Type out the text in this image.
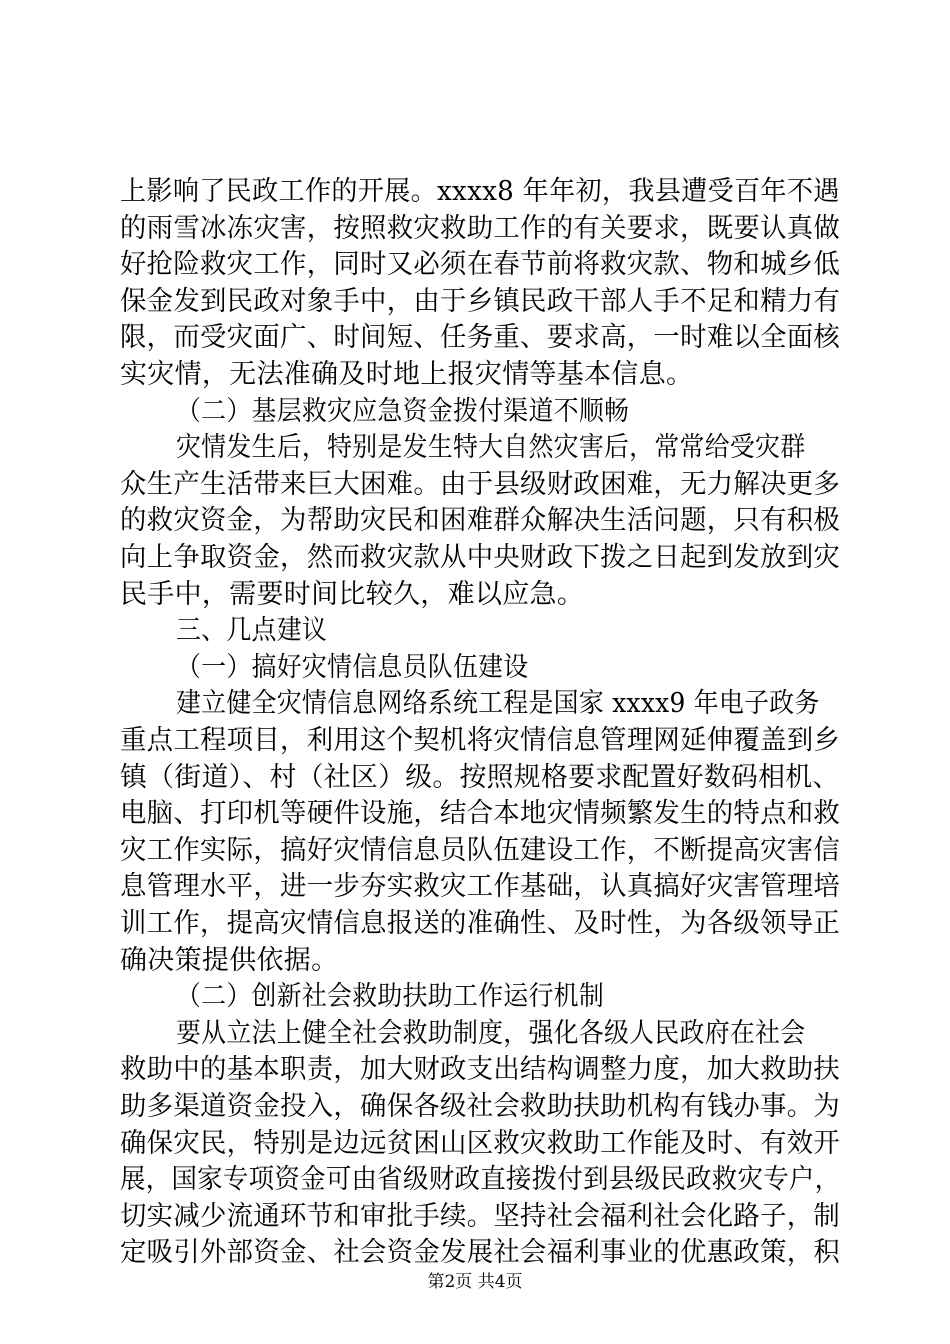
上影响了民政工作的开展。xxxx8 年年初，我县遭受百年不遇
的雨雪冰冻灾害，按照救灾救助工作的有关要求，既要认真做
好抢险救灾工作，同时又必须在春节前将救灾款、物和城乡低
保金发到民政对象手中，由于乡镇民政干部人手不足和精力有
限，而受灾面广、时间短、任务重、要求高，一时难以全面核
实灾情，无法准确及时地上报灾情等基本信息。
（二）基层救灾应急资金拨付渠道不顺畅
灾情发生后，特别是发生特大自然灾害后，常常给受灾群
众生产生活带来巨大困难。由于县级财政困难，无力解决更多
的救灾资金，为帮助灾民和困难群众解决生活问题，只有积极
向上争取资金，然而救灾款从中央财政下拨之日起到发放到灾
民手中，需要时间比较久，难以应急。
三、几点建议
（一）搞好灾情信息员队伍建设
建立健全灾情信息网络系统工程是国家 xxxx9 年电子政务
重点工程项目，利用这个契机将灾情信息管理网延伸覆盖到乡
镇（街道）、村（社区）级。按照规格要求配置好数码相机、
电脑、打印机等硬件设施，结合本地灾情频繁发生的特点和救
灾工作实际，搞好灾情信息员队伍建设工作，不断提高灾害信
息管理水平，进一步夯实救灾工作基础，认真搞好灾害管理培
训工作，提高灾情信息报送的准确性、及时性，为各级领导正
确决策提供依据。
（二）创新社会救助扶助工作运行机制
要从立法上健全社会救助制度，强化各级人民政府在社会
救助中的基本职责，加大财政支出结构调整力度，加大救助扶
助多渠道资金投入，确保各级社会救助扶助机构有钱办事。为
确保灾民，特别是边远贫困山区救灾救助工作能及时、有效开
展，国家专项资金可由省级财政直接拨付到县级民政救灾专户，
切实减少流通环节和审批手续。坚持社会福利社会化路子，制
定吸引外部资金、社会资金发展社会福利事业的优惠政策，积
第2页 共4页
